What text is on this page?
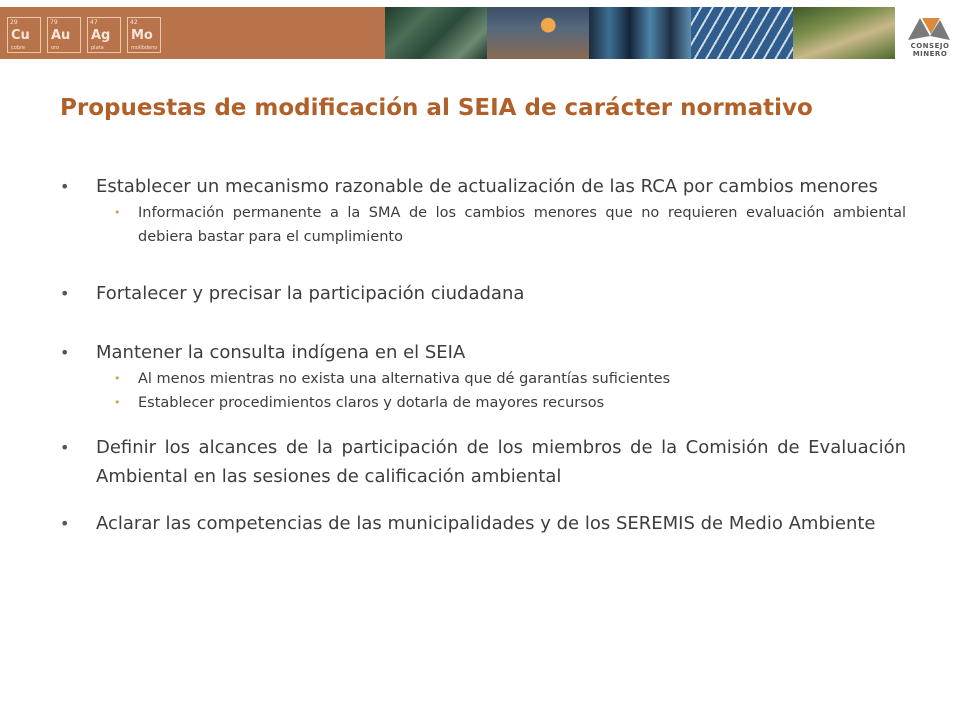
29
Cu
cobre
79
Au
oro
47
Ag
plata
42
Mo
molibdeno	CONSEJO
MINERO
Propuestas de modificación al SEIA de carácter normativo
• Establecer un mecanismo razonable de actualización de las RCA por cambios menores
• Información permanente a la SMA de los cambios menores que no requieren evaluación ambiental debiera bastar para el cumplimiento
• Fortalecer y precisar la participación ciudadana
• Mantener la consulta indígena en el SEIA
• Al menos mientras no exista una alternativa que dé garantías suficientes
• Establecer procedimientos claros y dotarla de mayores recursos
• Definir los alcances de la participación de los miembros de la Comisión de Evaluación Ambiental en las sesiones de calificación ambiental
• Aclarar las competencias de las municipalidades y de los SEREMIS de Medio Ambiente
